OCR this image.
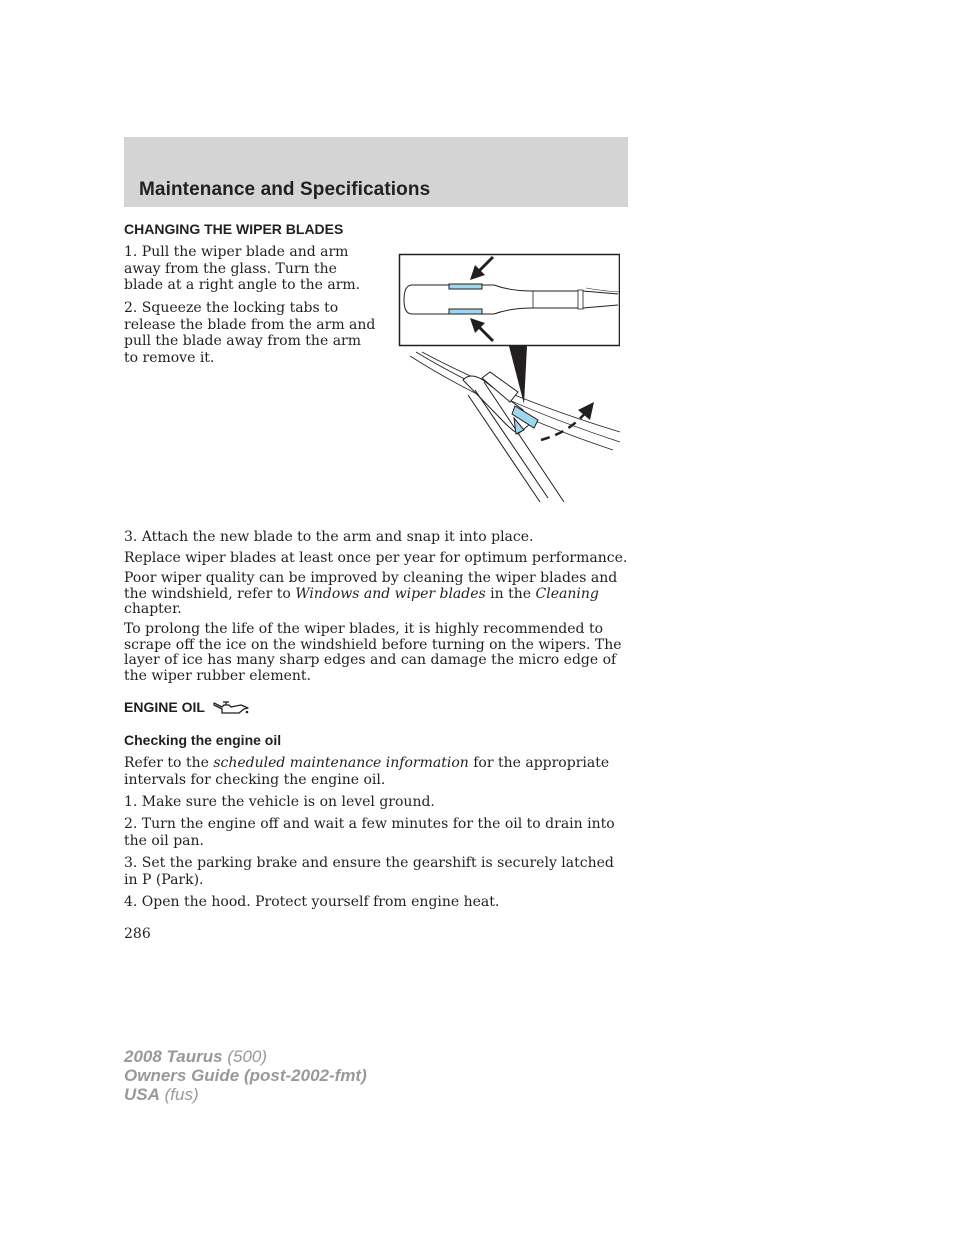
Maintenance and Specifications
CHANGING THE WIPER BLADES

1. Pull the wiper blade and arm away from the glass. Turn the blade at a right angle to the arm.

2. Squeeze the locking tabs to release the blade from the arm and pull the blade away from the arm to remove it.

3. Attach the new blade to the arm and snap it into place.

Replace wiper blades at least once per year for optimum performance.

Poor wiper quality can be improved by cleaning the wiper blades and the windshield, refer to Windows and wiper blades in the Cleaning chapter.

To prolong the life of the wiper blades, it is highly recommended to scrape off the ice on the windshield before turning on the wipers. The layer of ice has many sharp edges and can damage the micro edge of the wiper rubber element.

ENGINE OIL
Checking the engine oil

Refer to the scheduled maintenance information for the appropriate intervals for checking the engine oil.

1. Make sure the vehicle is on level ground.

2. Turn the engine off and wait a few minutes for the oil to drain into the oil pan.

3. Set the parking brake and ensure the gearshift is securely latched in P (Park).

4. Open the hood. Protect yourself from engine heat.

286

2008 Taurus (500)
Owners Guide (post-2002-fmt)
USA (fus)
